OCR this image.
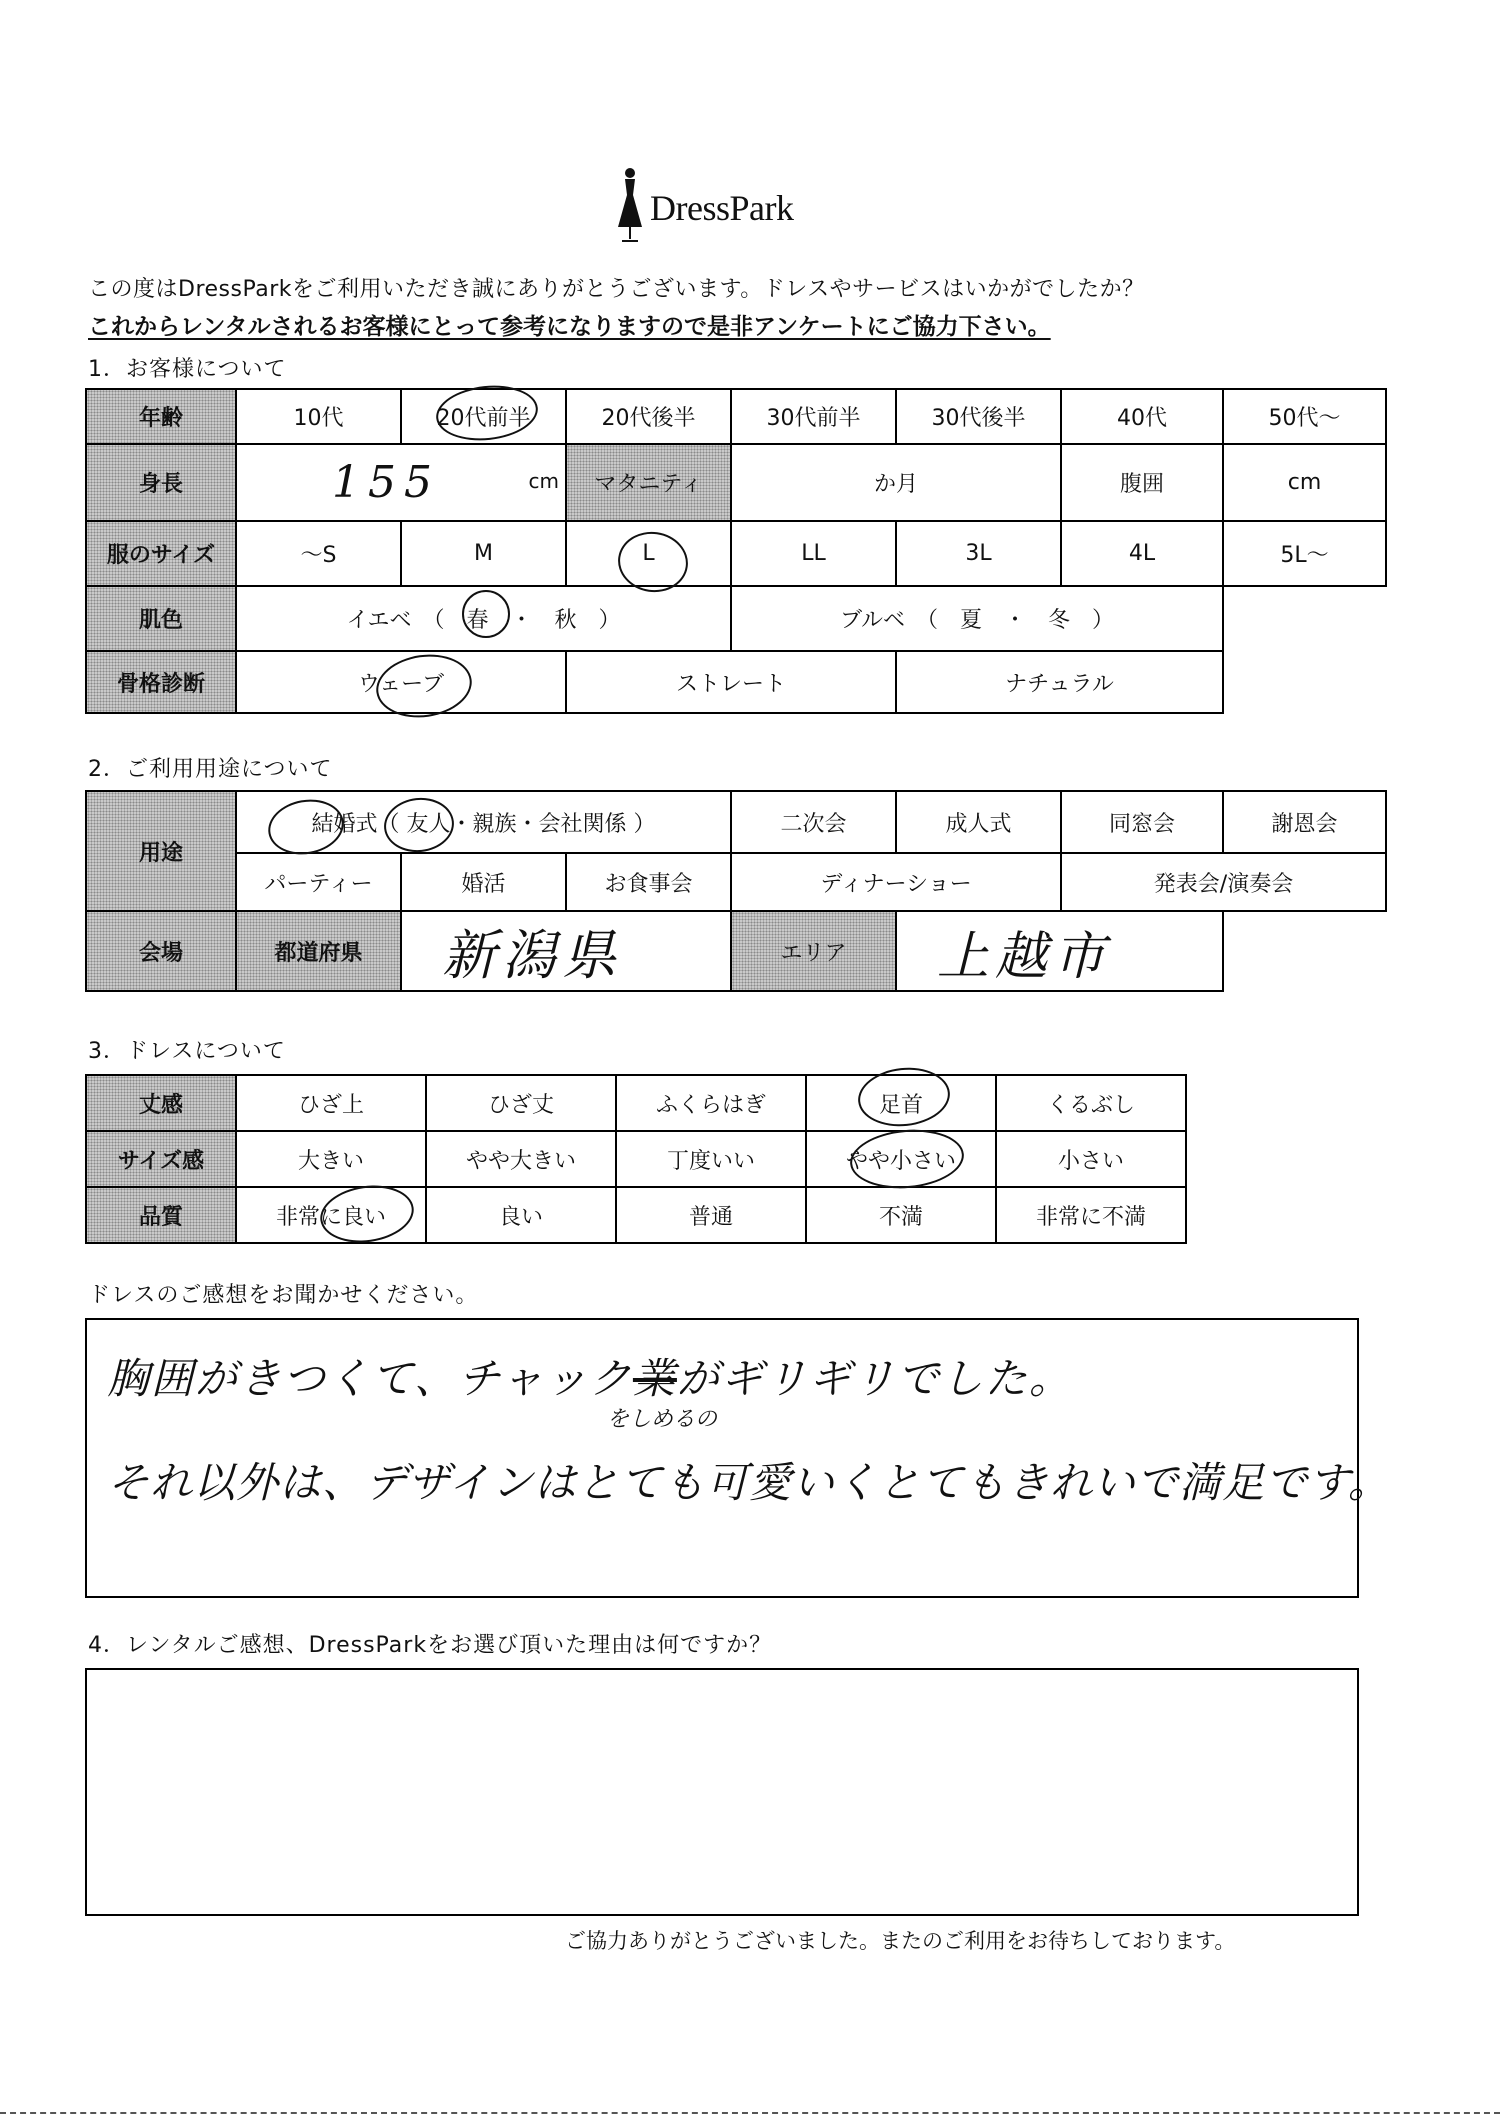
DressPark
この度はDressParkをご利用いただき誠にありがとうございます。ドレスやサービスはいかがでしたか？
これからレンタルされるお客様にとって参考になりますので是非アンケートにご協力下さい。
1．お客様について
年齢	10代	20代前半	20代後半	30代前半	30代後半	40代	50代～
身長	155 cm		マタニティ	か月		腹囲	cm
服のサイズ	～S	M	L	LL	3L	4L	5L～
肌色	イエベ　（　春　・　秋　）			ブルベ　（　夏　・　冬　）			
骨格診断	ウェーブ		ストレート		ナチュラル		
2．ご利用用途について
用途	結婚式（ 友人・親族・会社関係 ）			二次会	成人式	同窓会	謝恩会
	パーティー	婚活	お食事会	ディナーショー		発表会/演奏会	
会場	都道府県	新潟県		エリア	上越市		
3．ドレスについて
丈感	ひざ上	ひざ丈	ふくらはぎ	足首	くるぶし
サイズ感	大きい	やや大きい	丁度いい	やや小さい	小さい
品質	非常に良い	良い	普通	不満	非常に不満
ドレスのご感想をお聞かせください。
胸囲がきつくて、チャック業がギリギリでした。
をしめるの
それ以外は、デザインはとても可愛いくとてもきれいで満足です。
4．レンタルご感想、DressParkをお選び頂いた理由は何ですか？
ご協力ありがとうございました。またのご利用をお待ちしております。
